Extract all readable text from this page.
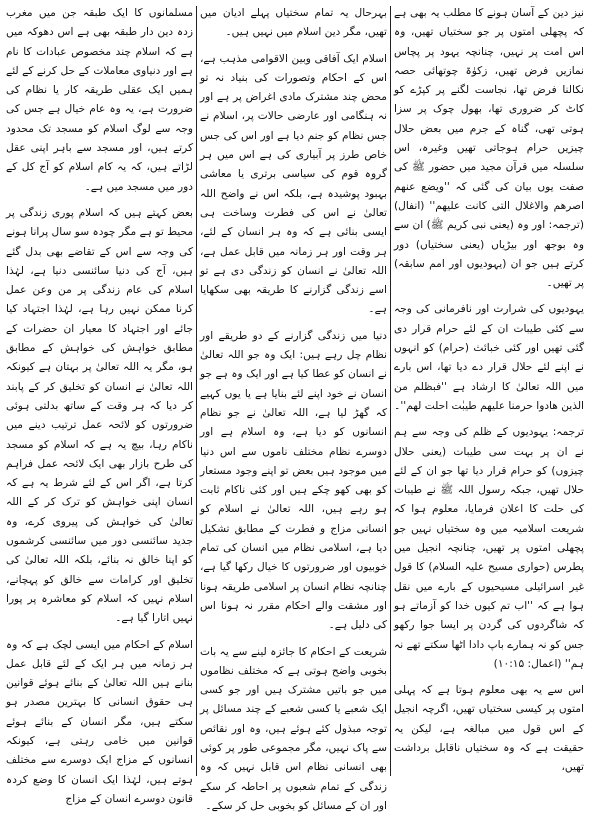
نیز دین کے آسان ہونے کا مطلب یہ بھی ہے کہ پچھلی امتوں پر جو سختیاں تھیں، وہ اس امت پر نہیں، چنانچہ یہود پر پچاس نمازیں فرض تھیں، زکوٰۃ چوتھائی حصہ نکالنا فرض تھا، نجاست لگنے پر کپڑے کو کاٹ کر ضروری تھا، بھول چوک پر سزا ہوتی تھی، گناہ کے جرم میں بعض حلال چیزیں حرام ہوجاتی تھیں وغیرہ، اس سلسلہ میں قرآن مجید میں حضور ﷺ کی صفت یوں بیان کی گئی کہ ''ویضع عنھم اصرھم والاغلال التی کانت علیھم'' (انفال) (ترجمہ: اور وہ (یعنی نبی کریم ﷺ) ان سے وہ بوجھ اور بیڑیاں (یعنی سختیاں) دور کرتے ہیں جو ان (یہودیوں اور امم سابقہ) پر تھیں۔

یہودیوں کی شرارت اور نافرمانی کی وجہ سے کئی طیبات ان کے لئے حرام قرار دی گئی تھیں اور کئی خبائث (حرام) کو انہوں نے اپنے لئے حلال قرار دے دیا تھا، اس بارے میں اللہ تعالیٰ کا ارشاد ہے ''فبظلم من الذین ھادوا حرمنا علیھم طیبٰت احلت لھم''۔

ترجمہ: یہودیوں کے ظلم کی وجہ سے ہم نے ان پر بہت سی طیبات (یعنی حلال چیزوں) کو حرام قرار دیا تھا جو ان کے لئے حلال تھیں، جبکہ رسول اللہ ﷺ نے طیبات کی حلت کا اعلان فرمایا، معلوم ہوا کہ شریعت اسلامیہ میں وہ سختیاں نہیں جو پچھلی امتوں پر تھیں، چنانچہ انجیل میں پطرس (حواری مسیح علیہ السلام) کا قول غیر اسرائیلی مسیحیوں کے بارے میں نقل ہوا ہے کہ ''اب تم کیوں خدا کو آزماتے ہو کہ شاگردوں کی گردن پر ایسا جوا رکھو جس کو نہ ہمارے باپ دادا اٹھا سکتے تھے نہ ہم'' (اعمال: ۱۰:۱۵)

اس سے یہ بھی معلوم ہوتا ہے کہ پہلی امتوں پر کیسی سختیاں تھیں، اگرچہ انجیل کے اس قول میں مبالغہ ہے، لیکن یہ حقیقت ہے کہ وہ سختیاں ناقابل برداشت تھیں،

بہرحال یہ تمام سختیاں پہلے ادیان میں تھیں، مگر دین اسلام میں نہیں ہیں۔

اسلام ایک آفاقی وبین الاقوامی مذہب ہے، اس کے احکام وتصورات کی بنیاد نہ تو محض چند مشترک مادی اغراض پر ہے اور نہ ہنگامی اور عارضی حالات پر، اسلام نے جس نظام کو جنم دیا ہے اور اس کی جس خاص طرز پر آبیاری کی ہے اس میں ہر گروہ قوم کی سیاسی برتری یا معاشی بہبود پوشیدہ ہے، بلکہ اس نے واضح اللہ تعالیٰ نے اس کی فطرت وساخت ہی ایسی بنائی ہے کہ وہ ہر انسان کے لئے، ہر وقت اور ہر زمانہ میں قابل عمل ہے، اللہ تعالیٰ نے انسان کو زندگی دی ہے تو اسے زندگی گزارنے کا طریقہ بھی سکھایا ہے۔

دنیا میں زندگی گزارنے کے دو طریقے اور نظام چل رہے ہیں: ایک وہ جو اللہ تعالیٰ نے انسان کو عطا کیا ہے اور ایک وہ ہے جو انسان نے خود اپنے لئے بنایا ہے یا یوں کہیے کہ گھڑ لیا ہے، اللہ تعالیٰ نے جو نظام انسانوں کو دیا ہے، وہ اسلام ہے اور دوسرے نظام مختلف ناموں سے اس دنیا میں موجود ہیں بعض تو اپنے وجود مستعار کو بھی کھو چکے ہیں اور کئی ناکام ثابت ہو رہے ہیں، اللہ تعالیٰ نے اسلام کو انسانی مزاج و فطرت کے مطابق تشکیل دیا ہے، اسلامی نظام میں انسان کی تمام خوبیوں اور ضرورتوں کا خیال رکھا گیا ہے، چنانچہ نظام انسان پر اسلامی طریقہ ہونا اور مشقت والے احکام مقرر نہ ہونا اس کی دلیل ہے۔

شریعت کے احکام کا جائزہ لینے سے یہ بات بخوبی واضح ہوتی ہے کہ مختلف نظاموں میں جو باتیں مشترک ہیں اور جو کسی ایک شعبے یا کسی شعبے کے چند مسائل پر توجہ مبذول کئے ہوئے ہیں، وہ اور نقائص سے پاک نہیں، مگر مجموعی طور پر کوئی بھی انسانی نظام اس قابل نہیں کہ وہ زندگی کے تمام شعبوں پر احاطہ کر سکے اور ان کے مسائل کو بخوبی حل کر سکے۔

مسلمانوں کا ایک طبقہ جن میں مغرب زدہ دین دار طبقہ بھی ہے اس دھوکہ میں ہے کہ اسلام چند مخصوص عبادات کا نام ہے اور دنیاوی معاملات کے حل کرنے کے لئے ہمیں ایک عقلی طریقہ کار یا نظام کی ضرورت ہے، یہ وہ عام خیال ہے جس کی وجہ سے لوگ اسلام کو مسجد تک محدود کرتے ہیں، اور مسجد سے باہر اپنی عقل لڑاتے ہیں، کہ یہ کام اسلام کو آج کل کے دور میں مسجد میں ہے۔

بعض کہتے ہیں کہ اسلام پوری زندگی پر محیط تو ہے مگر چودہ سو سال پرانا ہونے کی وجہ سے اس کے تقاضے بھی بدل گئے ہیں، آج کی دنیا سائنسی دنیا ہے، لہٰذا اسلام کی عام زندگی پر من وعن عمل کرنا ممکن نہیں رہا ہے، لہٰذا اجتہاد کیا جائے اور اجتہاد کا معیار ان حضرات کے مطابق خواہش کی خواہش کے مطابق ہو، مگر یہ اللہ تعالیٰ پر بہتان ہے کیونکہ اللہ تعالیٰ نے انسان کو تخلیق کر کے پابند کر دیا کہ ہر وقت کے ساتھ بدلتی ہوئی ضرورتوں کو لائحہ عمل ترتیب دینے میں ناکام رہا، بیچ یہ ہے کہ اسلام کو مسجد کی طرح بازار بھی ایک لائحہ عمل فراہم کرتا ہے، اگر اس کے لئے شرط یہ ہے کہ انسان اپنی خواہش کو ترک کر کے اللہ تعالیٰ کی خواہش کی پیروی کرے، وہ جدید سائنسی دور میں سائنسی کرشموں کو اپنا خالق نہ بنائے، بلکہ اللہ تعالیٰ کی تخلیق اور کرامات سے خالق کو پہچانے، اسلام نہیں کہ اسلام کو معاشرہ پر پورا نہیں اتارا گیا ہے۔

اسلام کے احکام میں ایسی لچک ہے کہ وہ ہر زمانہ میں ہر ایک کے لئے قابل عمل بنانے ہیں اللہ تعالیٰ کے بنائے ہوئے قوانین ہی حقوق انسانی کا بہترین مصدر ہو سکتے ہیں، مگر انسان کے بنائے ہوئے قوانین میں خامی رہتی ہے، کیونکہ انسانوں کے مزاج ایک دوسرے سے مختلف ہوتے ہیں، لہٰذا ایک انسان کا وضع کردہ قانون دوسرے انسان کے مزاج
